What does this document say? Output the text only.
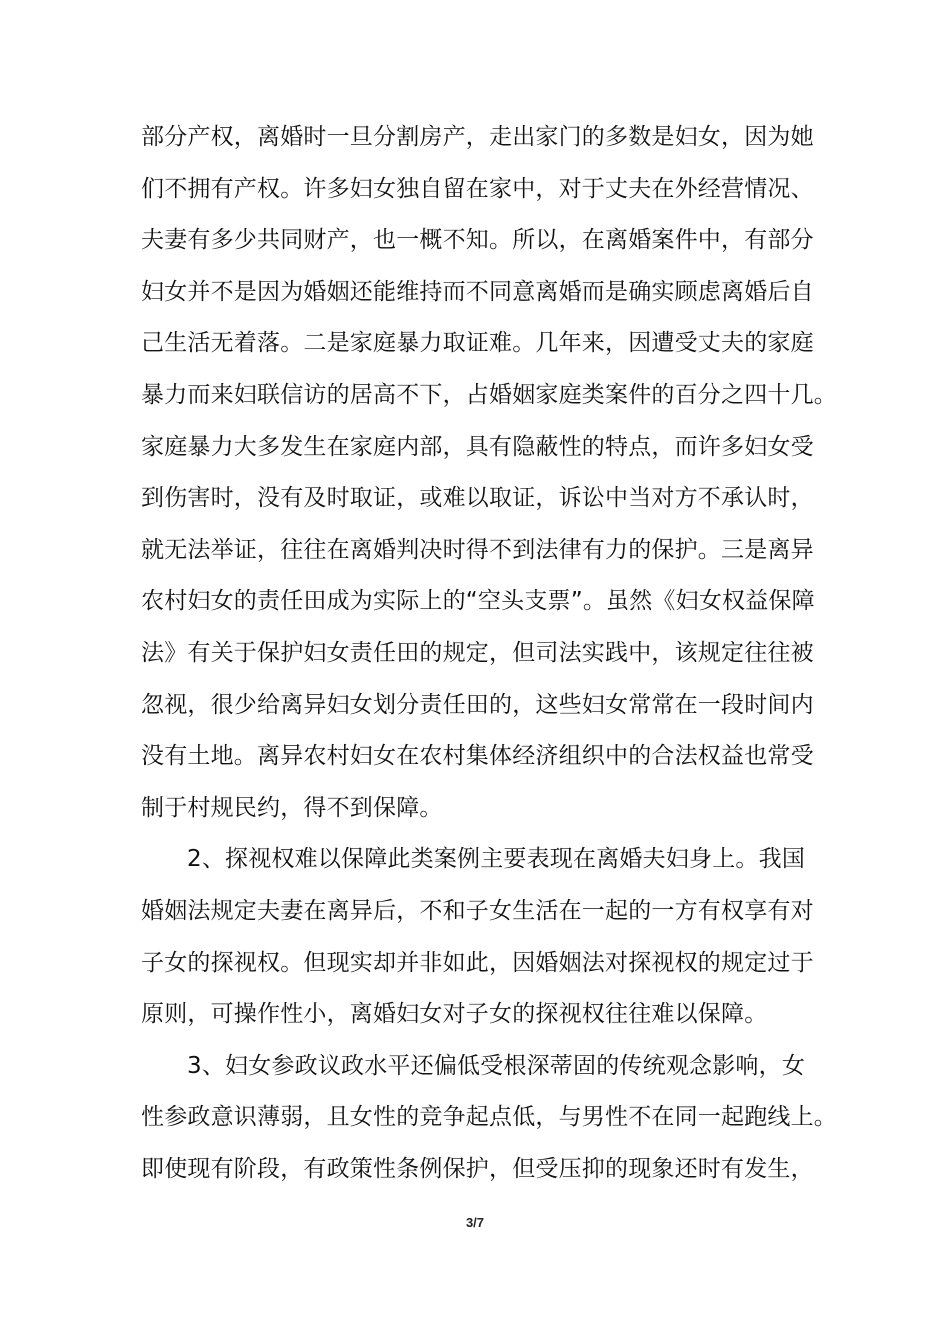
部分产权，离婚时一旦分割房产，走出家门的多数是妇女，因为她
们不拥有产权。许多妇女独自留在家中，对于丈夫在外经营情况、
夫妻有多少共同财产，也一概不知。所以，在离婚案件中，有部分
妇女并不是因为婚姻还能维持而不同意离婚而是确实顾虑离婚后自
己生活无着落。二是家庭暴力取证难。几年来，因遭受丈夫的家庭
暴力而来妇联信访的居高不下，占婚姻家庭类案件的百分之四十几。
家庭暴力大多发生在家庭内部，具有隐蔽性的特点，而许多妇女受
到伤害时，没有及时取证，或难以取证，诉讼中当对方不承认时，
就无法举证，往往在离婚判决时得不到法律有力的保护。三是离异
农村妇女的责任田成为实际上的“空头支票”。虽然《妇女权益保障
法》有关于保护妇女责任田的规定，但司法实践中，该规定往往被
忽视，很少给离异妇女划分责任田的，这些妇女常常在一段时间内
没有土地。离异农村妇女在农村集体经济组织中的合法权益也常受
制于村规民约，得不到保障。
2、探视权难以保障此类案例主要表现在离婚夫妇身上。我国
婚姻法规定夫妻在离异后，不和子女生活在一起的一方有权享有对
子女的探视权。但现实却并非如此，因婚姻法对探视权的规定过于
原则，可操作性小，离婚妇女对子女的探视权往往难以保障。
3、妇女参政议政水平还偏低受根深蒂固的传统观念影响，女
性参政意识薄弱，且女性的竞争起点低，与男性不在同一起跑线上。
即使现有阶段，有政策性条例保护，但受压抑的现象还时有发生，
3/7
